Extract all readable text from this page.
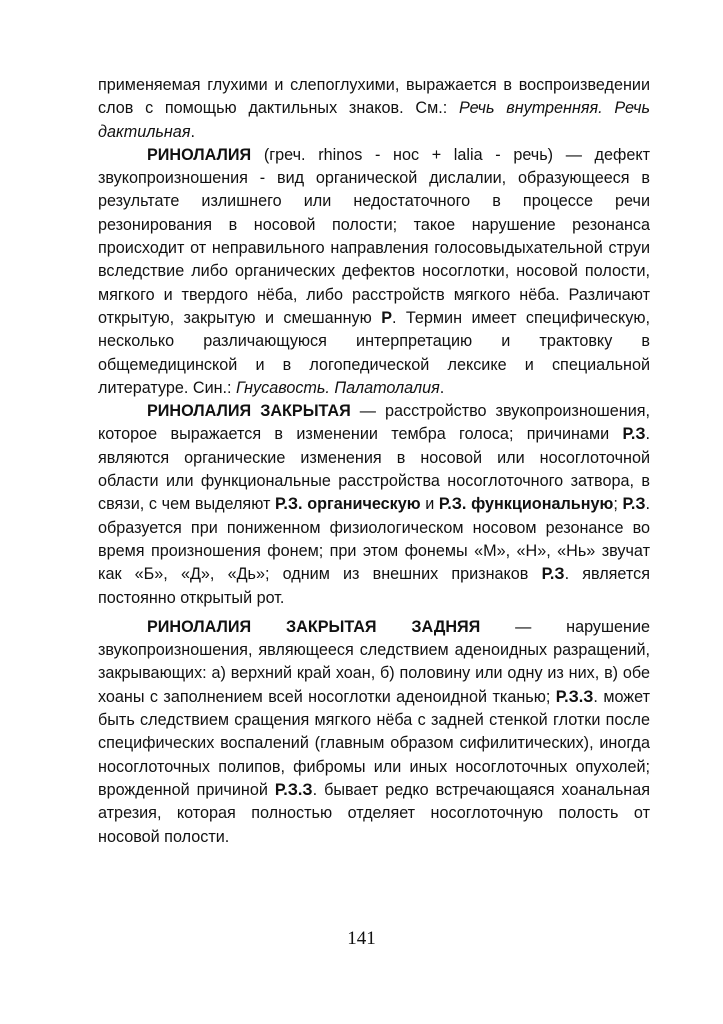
применяемая глухими и слепоглухими, выражается в воспроизведении слов с помощью дактильных знаков. См.: Речь внутренняя. Речь дактильная.

РИНОЛАЛИЯ (греч. rhinos - нос + lalia - речь) — дефект звукопроизношения - вид органической дислалии, образующееся в результате излишнего или недостаточного в процессе речи резонирования в носовой полости; такое нарушение резонанса происходит от неправильного направления голосовыдыхательной струи вследствие либо органических дефектов носоглотки, носовой полости, мягкого и твердого нёба, либо расстройств мягкого нёба. Различают открытую, закрытую и смешанную Р. Термин имеет специфическую, несколько различающуюся интерпретацию и трактовку в общемедицинской и в логопедической лексике и специальной литературе. Син.: Гнусавость. Палатолалия.

РИНОЛАЛИЯ ЗАКРЫТАЯ — расстройство звукопроизношения, которое выражается в изменении тембра голоса; причинами Р.З. являются органические изменения в носовой или носоглоточной области или функциональные расстройства носоглоточного затвора, в связи, с чем выделяют Р.З. органическую и Р.З. функциональную; Р.З. образуется при пониженном физиологическом носовом резонансе во время произношения фонем; при этом фонемы «М», «Н», «Нь» звучат как «Б», «Д», «Дь»; одним из внешних признаков Р.З. является постоянно открытый рот.

РИНОЛАЛИЯ ЗАКРЫТАЯ ЗАДНЯЯ — нарушение звукопроизношения, являющееся следствием аденоидных разращений, закрывающих: а) верхний край хоан, б) половину или одну из них, в) обе хоаны с заполнением всей носоглотки аденоидной тканью; Р.З.З. может быть следствием сращения мягкого нёба с задней стенкой глотки после специфических воспалений (главным образом сифилитических), иногда носоглоточных полипов, фибромы или иных носоглоточных опухолей; врожденной причиной Р.З.З. бывает редко встречающаяся хоанальная атрезия, которая полностью отделяет носоглоточную полость от носовой полости.

141
